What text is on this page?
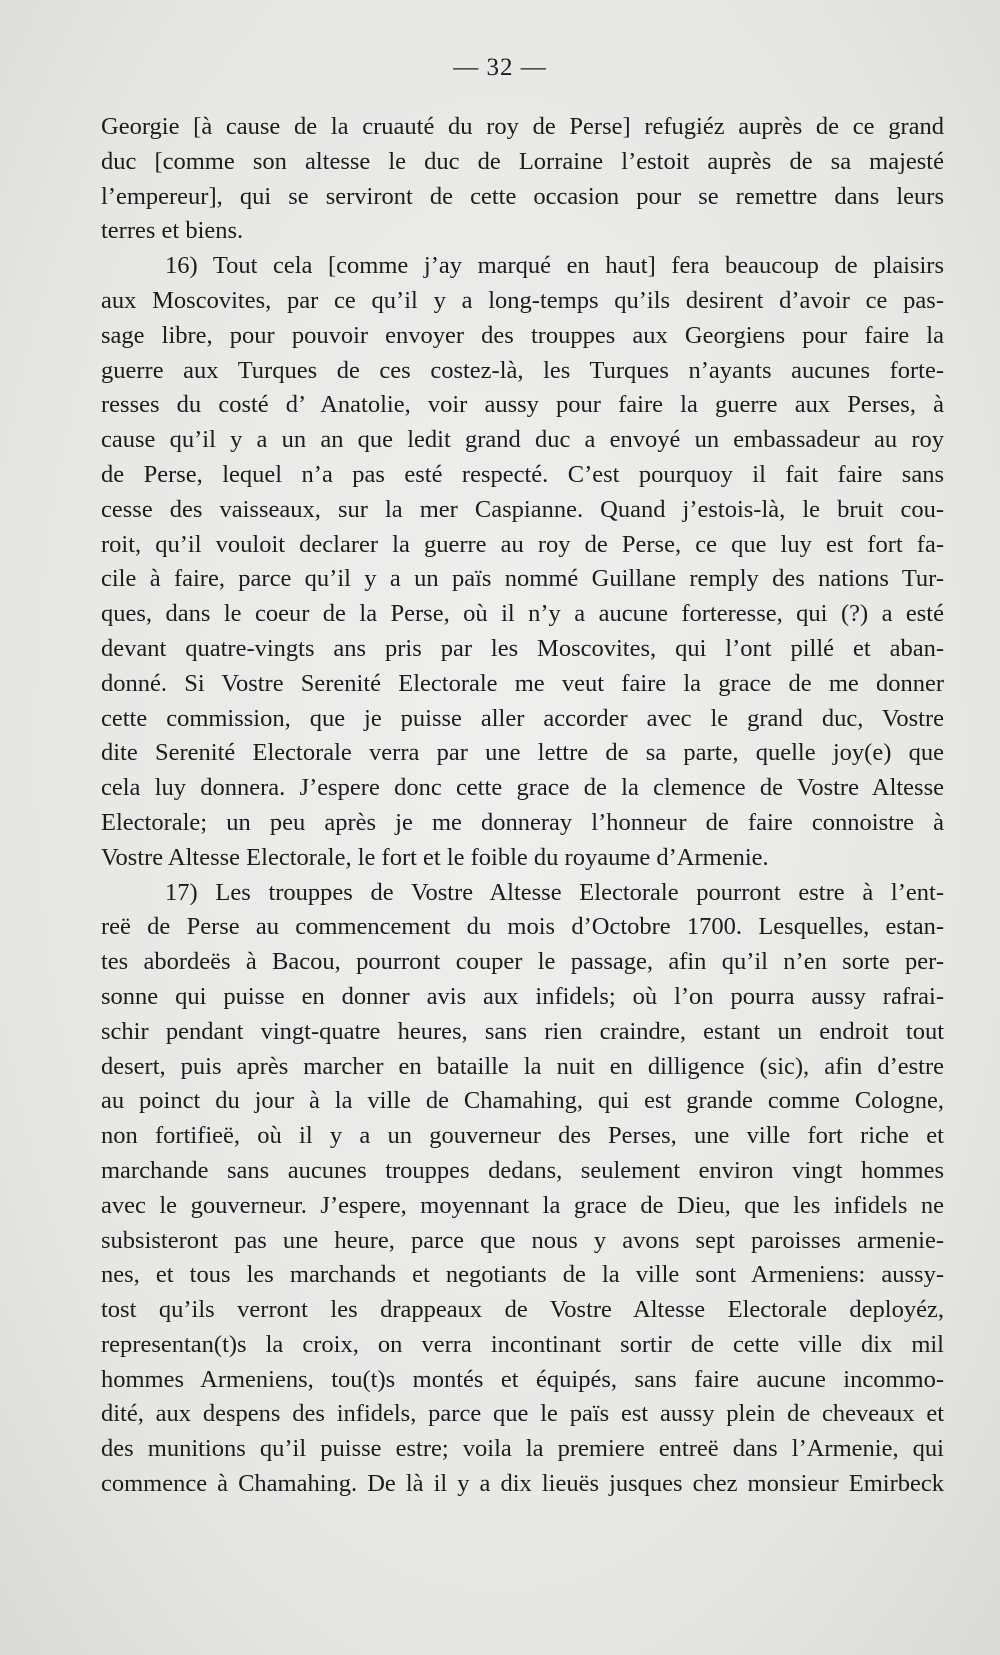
— 32 —
Georgie [à cause de la cruauté du roy de Perse] refugiéz auprès de ce grand
duc [comme son altesse le duc de Lorraine l’estoit auprès de sa majesté
l’empereur], qui se serviront de cette occasion pour se remettre dans leurs
terres et biens.
16) Tout cela [comme j’ay marqué en haut] fera beaucoup de plaisirs
aux Moscovites, par ce qu’il y a long-temps qu’ils desirent d’avoir ce pas-
sage libre, pour pouvoir envoyer des trouppes aux Georgiens pour faire la
guerre aux Turques de ces costez-là, les Turques n’ayants aucunes forte-
resses du costé d’ Anatolie, voir aussy pour faire la guerre aux Perses, à
cause qu’il y a un an que ledit grand duc a envoyé un embassadeur au roy
de Perse, lequel n’a pas esté respecté. C’est pourquoy il fait faire sans
cesse des vaisseaux, sur la mer Caspianne. Quand j’estois-là, le bruit cou-
roit, qu’il vouloit declarer la guerre au roy de Perse, ce que luy est fort fa-
cile à faire, parce qu’il y a un païs nommé Guillane remply des nations Tur-
ques, dans le coeur de la Perse, où il n’y a aucune forteresse, qui (?) a esté
devant quatre-vingts ans pris par les Moscovites, qui l’ont pillé et aban-
donné. Si Vostre Serenité Electorale me veut faire la grace de me donner
cette commission, que je puisse aller accorder avec le grand duc, Vostre
dite Serenité Electorale verra par une lettre de sa parte, quelle joy(e) que
cela luy donnera. J’espere donc cette grace de la clemence de Vostre Altesse
Electorale; un peu après je me donneray l’honneur de faire connoistre à
Vostre Altesse Electorale, le fort et le foible du royaume d’Armenie.
17) Les trouppes de Vostre Altesse Electorale pourront estre à l’ent-
reë de Perse au commencement du mois d’Octobre 1700. Lesquelles, estan-
tes abordeës à Bacou, pourront couper le passage, afin qu’il n’en sorte per-
sonne qui puisse en donner avis aux infidels; où l’on pourra aussy rafrai-
schir pendant vingt-quatre heures, sans rien craindre, estant un endroit tout
desert, puis après marcher en bataille la nuit en dilligence (sic), afin d’estre
au poinct du jour à la ville de Chamahing, qui est grande comme Cologne,
non fortifieë, où il y a un gouverneur des Perses, une ville fort riche et
marchande sans aucunes trouppes dedans, seulement environ vingt hommes
avec le gouverneur. J’espere, moyennant la grace de Dieu, que les infidels ne
subsisteront pas une heure, parce que nous y avons sept paroisses armenie-
nes, et tous les marchands et negotiants de la ville sont Armeniens: aussy-
tost qu’ils verront les drappeaux de Vostre Altesse Electorale deployéz,
representan(t)s la croix, on verra incontinant sortir de cette ville dix mil
hommes Armeniens, tou(t)s montés et équipés, sans faire aucune incommo-
dité, aux despens des infidels, parce que le païs est aussy plein de cheveaux et
des munitions qu’il puisse estre; voila la premiere entreë dans l’Armenie, qui
commence à Chamahing. De là il y a dix lieuës jusques chez monsieur Emirbeck
